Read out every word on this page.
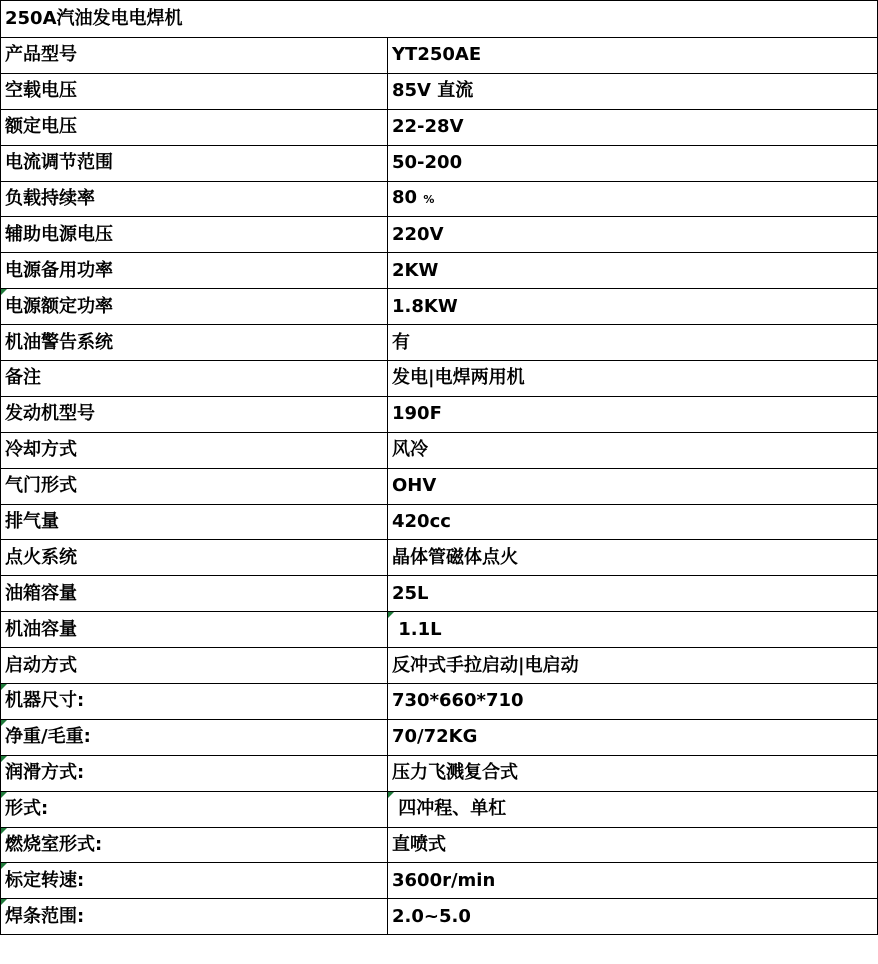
250A汽油发电电焊机	
产品型号	YT250AE
空载电压	85V 直流
额定电压	22-28V
电流调节范围	50-200
负载持续率	80 %
辅助电源电压	220V
电源备用功率	2KW
电源额定功率	1.8KW
机油警告系统	有
备注	发电|电焊两用机
发动机型号	190F
冷却方式	风冷
气门形式	OHV
排气量	420cc
点火系统	晶体管磁体点火
油箱容量	25L
机油容量	1.1L
启动方式	反冲式手拉启动|电启动
机器尺寸:	730*660*710
净重/毛重:	70/72KG
润滑方式:	压力飞溅复合式
形式:	四冲程、单杠
燃烧室形式:	直喷式
标定转速:	3600r/min
焊条范围:	2.0~5.0
